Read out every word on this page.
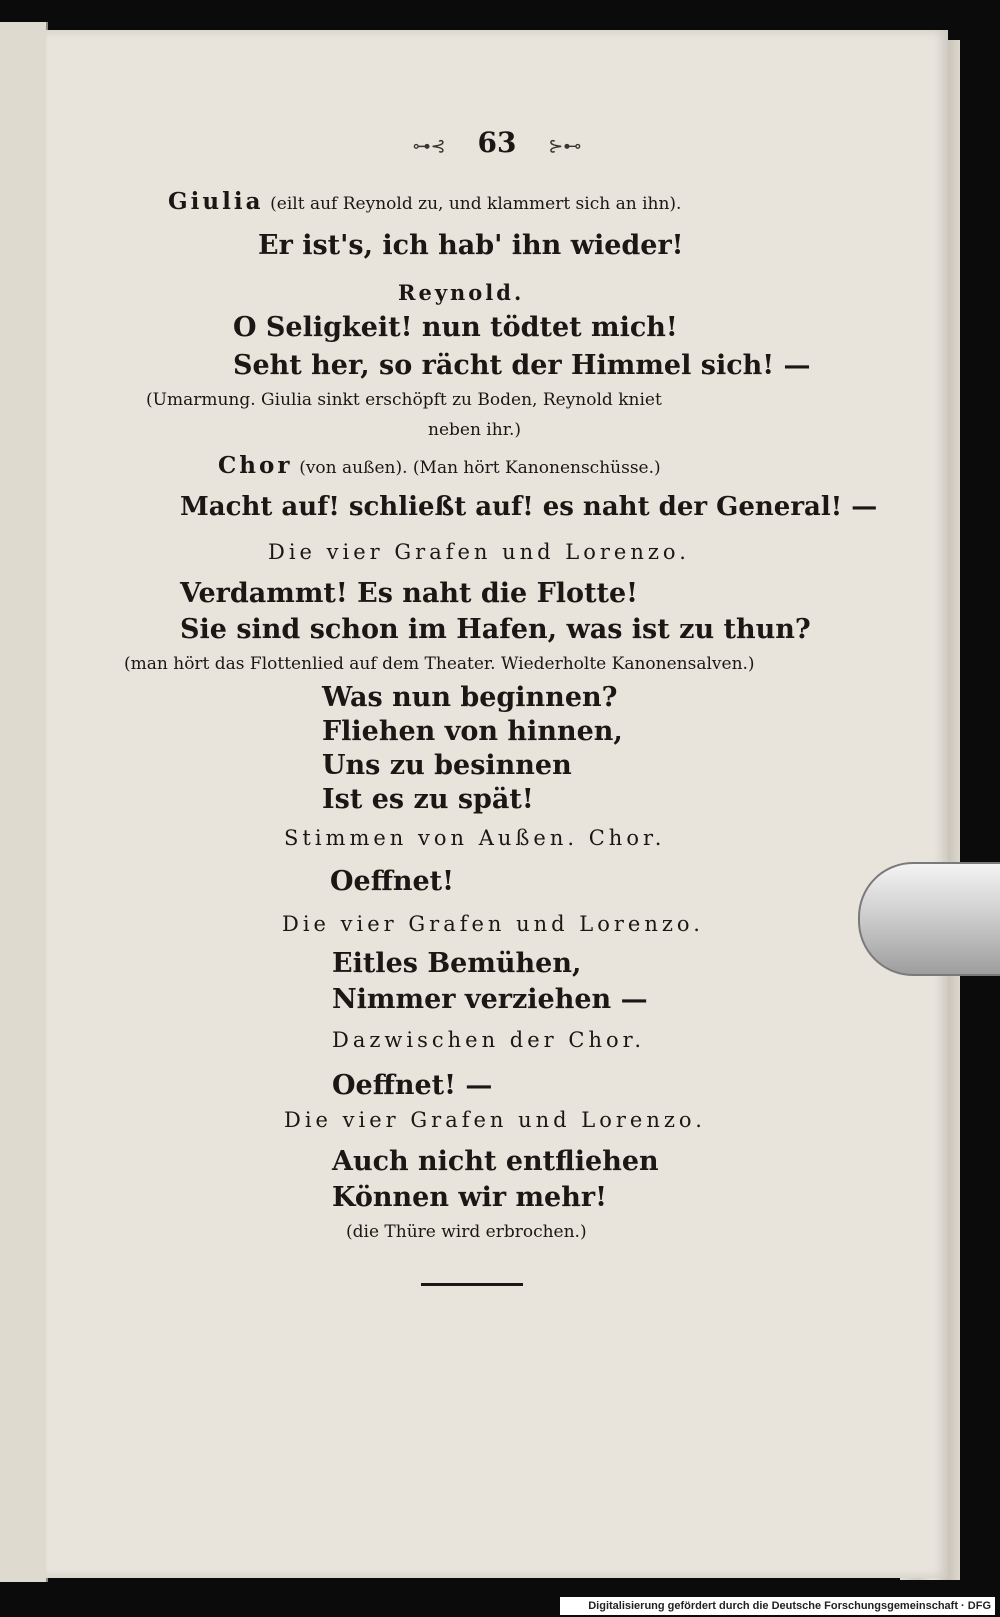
⊶⊰ 63 ⊱⊷
Giulia (eilt auf Reynold zu, und klammert sich an ihn).
Er ist's, ich hab' ihn wieder!
Reynold.
O Seligkeit! nun tödtet mich!
Seht her, so rächt der Himmel sich! —
(Umarmung. Giulia sinkt erschöpft zu Boden, Reynold kniet
neben ihr.)
Chor (von außen). (Man hört Kanonenschüsse.)
Macht auf! schließt auf! es naht der General! —
Die vier Grafen und Lorenzo.
Verdammt! Es naht die Flotte!
Sie sind schon im Hafen, was ist zu thun?
(man hört das Flottenlied auf dem Theater. Wiederholte Kanonensalven.)
Was nun beginnen?
Fliehen von hinnen,
Uns zu besinnen
Ist es zu spät!
Stimmen von Außen. Chor.
Oeffnet!
Die vier Grafen und Lorenzo.
Eitles Bemühen,
Nimmer verziehen —
Dazwischen der Chor.
Oeffnet! —
Die vier Grafen und Lorenzo.
Auch nicht entfliehen
Können wir mehr!
(die Thüre wird erbrochen.)
Digitalisierung gefördert durch die Deutsche Forschungsgemeinschaft · DFG
